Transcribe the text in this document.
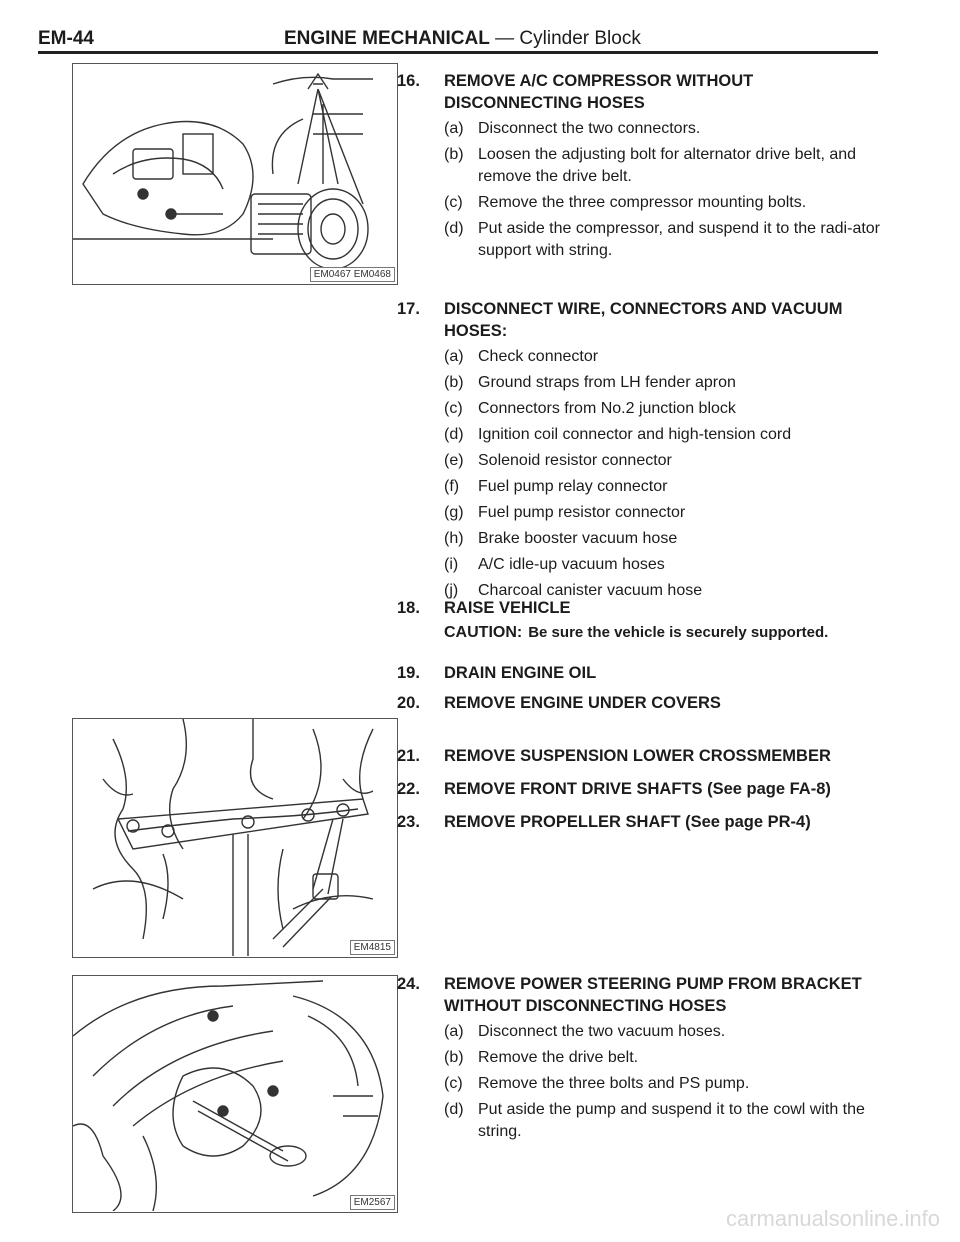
EM-44	ENGINE MECHANICAL — Cylinder Block
EM0467 EM0468
EM4815
EM2567
16.	REMOVE A/C COMPRESSOR WITHOUT DISCONNECTING HOSES
(a) Disconnect the two connectors.
(b) Loosen the adjusting bolt for alternator drive belt, and remove the drive belt.
(c) Remove the three compressor mounting bolts.
(d) Put aside the compressor, and suspend it to the radi-ator support with string.
17.	DISCONNECT WIRE, CONNECTORS AND VACUUM HOSES:
(a) Check connector
(b) Ground straps from LH fender apron
(c) Connectors from No.2 junction block
(d) Ignition coil connector and high-tension cord
(e) Solenoid resistor connector
(f)	Fuel pump relay connector
(g) Fuel pump resistor connector
(h) Brake booster vacuum hose
(i)	A/C idle-up vacuum hoses
(j)	Charcoal canister vacuum hose
18.	RAISE VEHICLE
CAUTION: Be sure the vehicle is securely supported.
19.	DRAIN ENGINE OIL
20.	REMOVE ENGINE UNDER COVERS
21.	REMOVE SUSPENSION LOWER CROSSMEMBER
22.	REMOVE FRONT DRIVE SHAFTS (See page FA-8)
23.	REMOVE PROPELLER SHAFT (See page PR-4)
24.	REMOVE POWER STEERING PUMP FROM BRACKET WITHOUT DISCONNECTING HOSES
(a) Disconnect the two vacuum hoses.
(b) Remove the drive belt.
(c) Remove the three bolts and PS pump.
(d) Put aside the pump and suspend it to the cowl with the string.
carmanualsonline.info
